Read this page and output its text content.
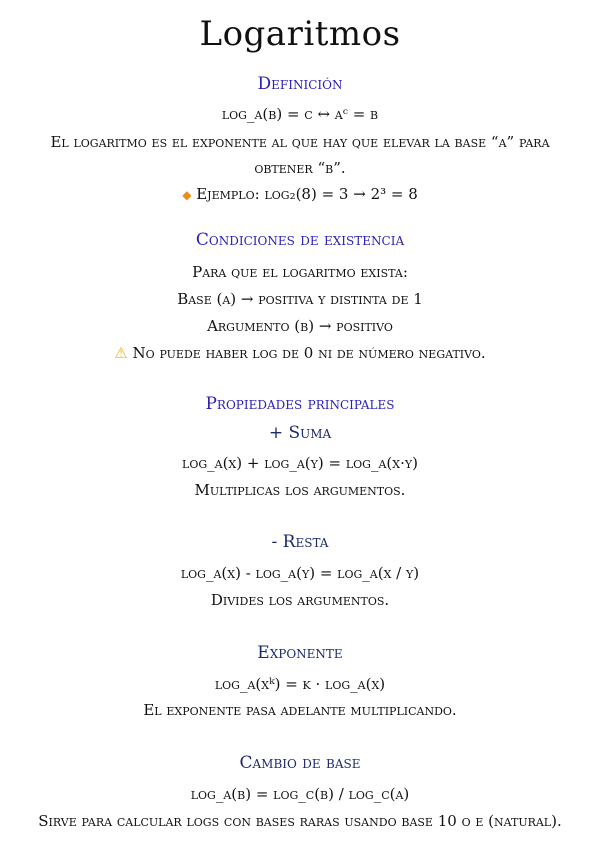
Logaritmos
Definición
log_a(b) = c ↔ aᶜ = b
El logaritmo es el exponente al que hay que elevar la base “a” para
obtener “b”.
◆ Ejemplo: log₂(8) = 3 → 2³ = 8
Condiciones de existencia
Para que el logaritmo exista:
Base (a) → positiva y distinta de 1
Argumento (b) → positivo
⚠ No puede haber log de 0 ni de número negativo.
Propiedades principales
+ Suma
log_a(x) + log_a(y) = log_a(x·y)
Multiplicas los argumentos.
- Resta
log_a(x) - log_a(y) = log_a(x / y)
Divides los argumentos.
Exponente
log_a(xᵏ) = k · log_a(x)
El exponente pasa adelante multiplicando.
Cambio de base
log_a(b) = log_c(b) / log_c(a)
Sirve para calcular logs con bases raras usando base 10 o e (natural).
